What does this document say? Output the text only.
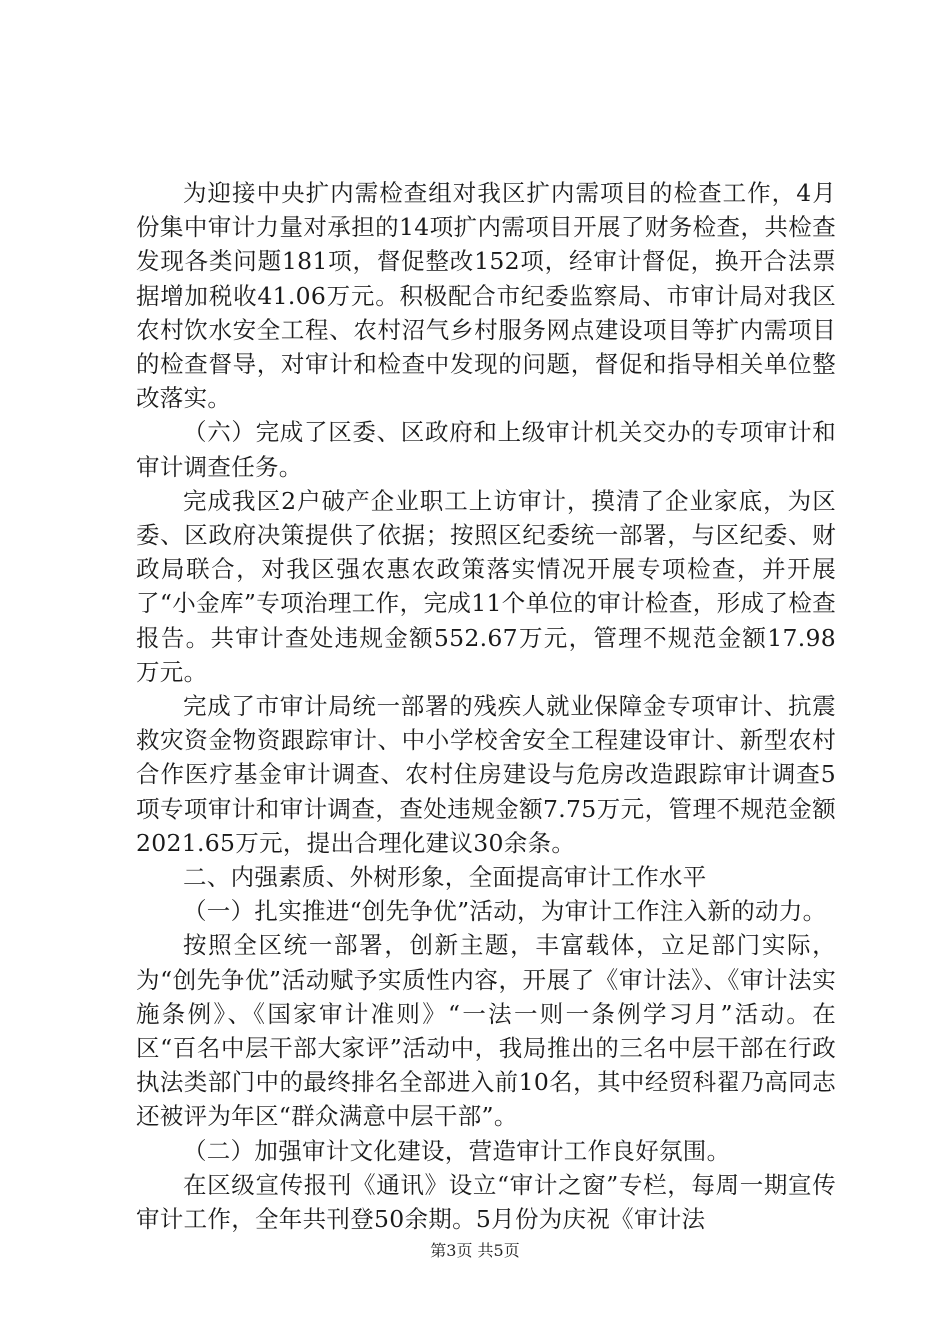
为迎接中央扩内需检查组对我区扩内需项目的检查工作，4月份集中审计力量对承担的14项扩内需项目开展了财务检查，共检查发现各类问题181项，督促整改152项，经审计督促，换开合法票据增加税收41.06万元。积极配合市纪委监察局、市审计局对我区农村饮水安全工程、农村沼气乡村服务网点建设项目等扩内需项目的检查督导，对审计和检查中发现的问题，督促和指导相关单位整改落实。

（六）完成了区委、区政府和上级审计机关交办的专项审计和审计调查任务。

完成我区2户破产企业职工上访审计，摸清了企业家底，为区委、区政府决策提供了依据；按照区纪委统一部署，与区纪委、财政局联合，对我区强农惠农政策落实情况开展专项检查，并开展了“小金库”专项治理工作，完成11个单位的审计检查，形成了检查报告。共审计查处违规金额552.67万元，管理不规范金额17.98万元。

完成了市审计局统一部署的残疾人就业保障金专项审计、抗震救灾资金物资跟踪审计、中小学校舍安全工程建设审计、新型农村合作医疗基金审计调查、农村住房建设与危房改造跟踪审计调查5项专项审计和审计调查，查处违规金额7.75万元，管理不规范金额2021.65万元，提出合理化建议30余条。

二、内强素质、外树形象，全面提高审计工作水平

（一）扎实推进“创先争优”活动，为审计工作注入新的动力。

按照全区统一部署，创新主题，丰富载体，立足部门实际，为“创先争优”活动赋予实质性内容，开展了《审计法》、《审计法实施条例》、《国家审计准则》“一法一则一条例学习月”活动。在区“百名中层干部大家评”活动中，我局推出的三名中层干部在行政执法类部门中的最终排名全部进入前10名，其中经贸科翟乃高同志还被评为年区“群众满意中层干部”。

（二）加强审计文化建设，营造审计工作良好氛围。

在区级宣传报刊《通讯》设立“审计之窗”专栏，每周一期宣传审计工作，全年共刊登50余期。5月份为庆祝《审计法

第3页 共5页
